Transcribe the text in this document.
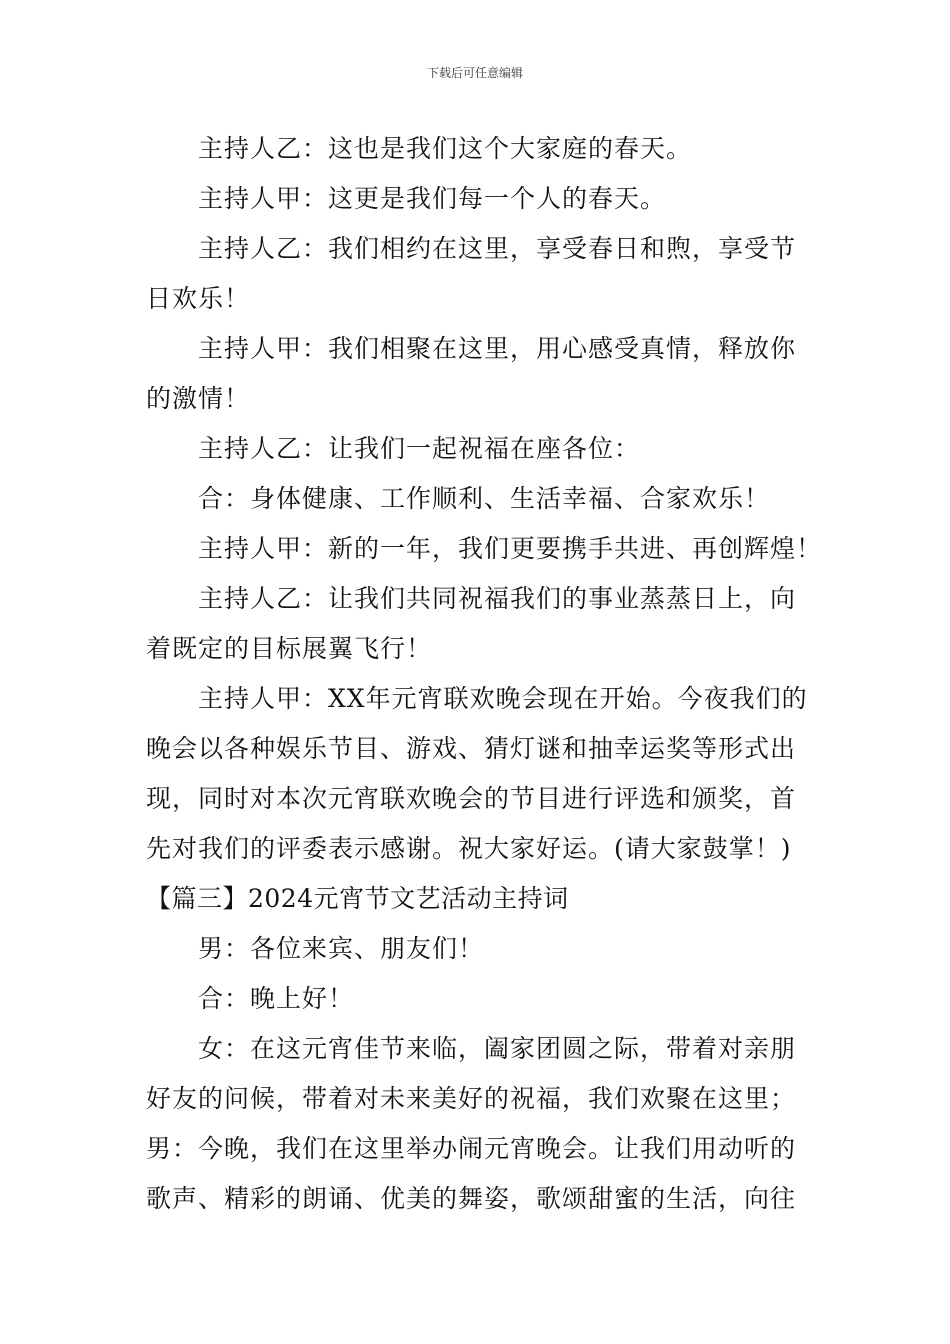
下载后可任意编辑

主持人乙：这也是我们这个大家庭的春天。

主持人甲：这更是我们每一个人的春天。

主持人乙：我们相约在这里，享受春日和煦，享受节
日欢乐！

主持人甲：我们相聚在这里，用心感受真情，释放你
的激情！

主持人乙：让我们一起祝福在座各位：

合：身体健康、工作顺利、生活幸福、合家欢乐！

主持人甲：新的一年，我们更要携手共进、再创辉煌！

主持人乙：让我们共同祝福我们的事业蒸蒸日上，向
着既定的目标展翼飞行！

主持人甲：XX年元宵联欢晚会现在开始。今夜我们的
晚会以各种娱乐节目、游戏、猜灯谜和抽幸运奖等形式出
现，同时对本次元宵联欢晚会的节目进行评选和颁奖，首
先对我们的评委表示感谢。祝大家好运。(请大家鼓掌！)

【篇三】2024元宵节文艺活动主持词

男：各位来宾、朋友们！

合：晚上好！

女：在这元宵佳节来临，阖家团圆之际，带着对亲朋
好友的问候，带着对未来美好的祝福，我们欢聚在这里；
男：今晚，我们在这里举办闹元宵晚会。让我们用动听的
歌声、精彩的朗诵、优美的舞姿，歌颂甜蜜的生活，向往
